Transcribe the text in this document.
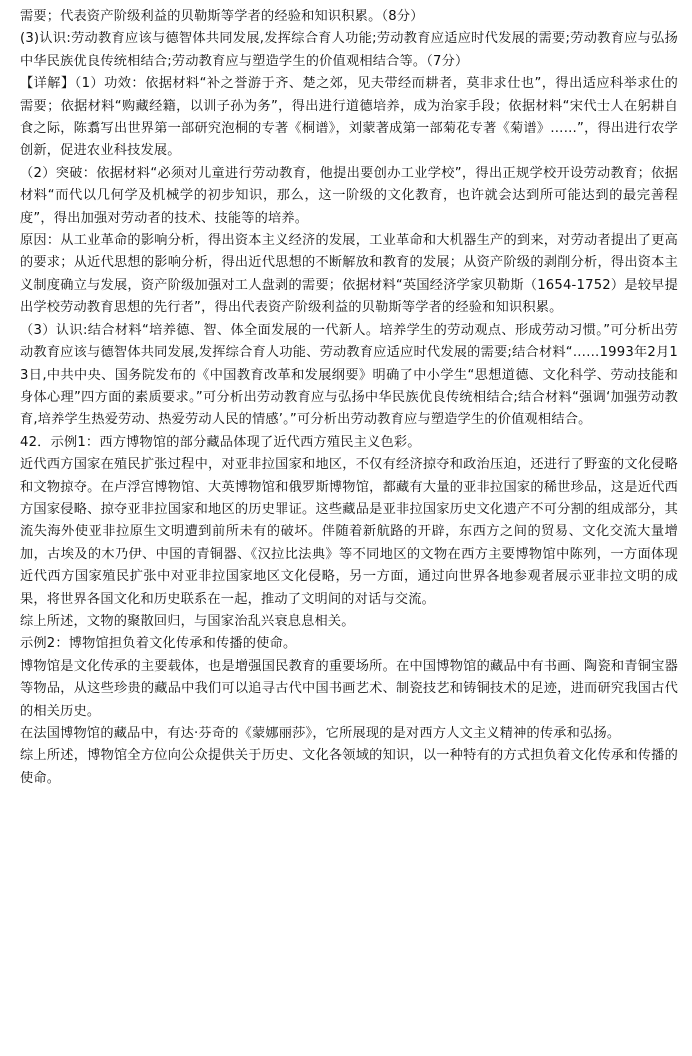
需要；代表资产阶级利益的贝勒斯等学者的经验和知识积累。（8分）

(3)认识:劳动教育应该与德智体共同发展,发挥综合育人功能;劳动教育应适应时代发展的需要;劳动教育应与弘扬中华民族优良传统相结合;劳动教育应与塑造学生的价值观相结合等。（7分）

【详解】（1）功效：依据材料“补之誉游于齐、楚之郊，见夫带经而耕者，莫非求仕也”，得出适应科举求仕的需要；依据材料“购藏经籍，以训子孙为务”，得出进行道德培养，成为治家手段；依据材料“宋代士人在躬耕自食之际，陈翥写出世界第一部研究泡桐的专著《桐谱》，刘蒙著成第一部菊花专著《菊谱》……”，得出进行农学创新，促进农业科技发展。

（2）突破：依据材料“必须对儿童进行劳动教育，他提出要创办工业学校”，得出正规学校开设劳动教育；依据材料“而代以几何学及机械学的初步知识，那么，这一阶级的文化教育，也许就会达到所可能达到的最完善程度”，得出加强对劳动者的技术、技能等的培养。

原因：从工业革命的影响分析，得出资本主义经济的发展，工业革命和大机器生产的到来，对劳动者提出了更高的要求；从近代思想的影响分析，得出近代思想的不断解放和教育的发展；从资产阶级的剥削分析，得出资本主义制度确立与发展，资产阶级加强对工人盘剥的需要；依据材料“英国经济学家贝勒斯（1654-1752）是较早提出学校劳动教育思想的先行者”，得出代表资产阶级利益的贝勒斯等学者的经验和知识积累。

（3）认识:结合材料“培养德、智、体全面发展的一代新人。培养学生的劳动观点、形成劳动习惯。”可分析出劳动教育应该与德智体共同发展,发挥综合育人功能、劳动教育应适应时代发展的需要;结合材料“……1993年2月13日,中共中央、国务院发布的《中国教育改革和发展纲要》明确了中小学生“思想道德、文化科学、劳动技能和身体心理”四方面的素质要求。”可分析出劳动教育应与弘扬中华民族优良传统相结合;结合材料“强调‘加强劳动教育,培养学生热爱劳动、热爱劳动人民的情感’。”可分析出劳动教育应与塑造学生的价值观相结合。

42．示例1：西方博物馆的部分藏品体现了近代西方殖民主义色彩。

近代西方国家在殖民扩张过程中，对亚非拉国家和地区，不仅有经济掠夺和政治压迫，还进行了野蛮的文化侵略和文物掠夺。在卢浮宫博物馆、大英博物馆和俄罗斯博物馆，都藏有大量的亚非拉国家的稀世珍品，这是近代西方国家侵略、掠夺亚非拉国家和地区的历史罪证。这些藏品是亚非拉国家历史文化遗产不可分割的组成部分，其流失海外使亚非拉原生文明遭到前所未有的破坏。伴随着新航路的开辟，东西方之间的贸易、文化交流大量增加，古埃及的木乃伊、中国的青铜器、《汉拉比法典》等不同地区的文物在西方主要博物馆中陈列，一方面体现近代西方国家殖民扩张中对亚非拉国家地区文化侵略，另一方面，通过向世界各地参观者展示亚非拉文明的成果，将世界各国文化和历史联系在一起，推动了文明间的对话与交流。

综上所述，文物的聚散回归，与国家治乱兴衰息息相关。

示例2：博物馆担负着文化传承和传播的使命。

博物馆是文化传承的主要载体，也是增强国民教育的重要场所。在中国博物馆的藏品中有书画、陶瓷和青铜宝器等物品，从这些珍贵的藏品中我们可以追寻古代中国书画艺术、制瓷技艺和铸铜技术的足迹，进而研究我国古代的相关历史。

在法国博物馆的藏品中，有达·芬奇的《蒙娜丽莎》，它所展现的是对西方人文主义精神的传承和弘扬。

综上所述，博物馆全方位向公众提供关于历史、文化各领域的知识，以一种特有的方式担负着文化传承和传播的使命。
